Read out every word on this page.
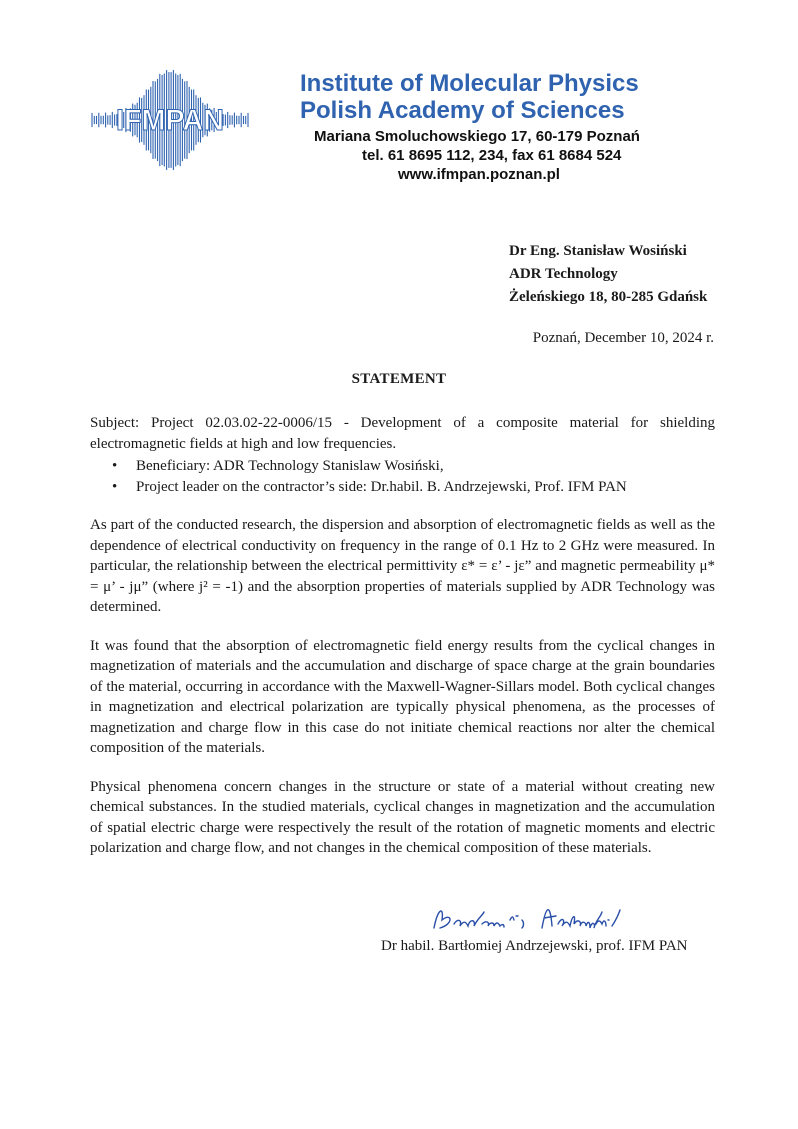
IFMPAN
Institute of Molecular Physics
Polish Academy of Sciences
Mariana Smoluchowskiego 17, 60-179 Poznań
tel. 61 8695 112, 234, fax 61 8684 524
www.ifmpan.poznan.pl
Dr Eng. Stanisław Wosiński
ADR Technology
Żeleńskiego 18, 80-285 Gdańsk
Poznań, December 10, 2024 r.
STATEMENT

Subject: Project 02.03.02-22-0006/15 - Development of a composite material for shielding electromagnetic fields at high and low frequencies.

• Beneficiary: ADR Technology Stanislaw Wosiński,
• Project leader on the contractor’s side: Dr.habil. B. Andrzejewski, Prof. IFM PAN

As part of the conducted research, the dispersion and absorption of electromagnetic fields as well as the dependence of electrical conductivity on frequency in the range of 0.1 Hz to 2 GHz were measured. In particular, the relationship between the electrical permittivity ε* = ε’ - jε” and magnetic permeability μ* = μ’ - jμ” (where j² = -1) and the absorption properties of materials supplied by ADR Technology was determined.

It was found that the absorption of electromagnetic field energy results from the cyclical changes in magnetization of materials and the accumulation and discharge of space charge at the grain boundaries of the material, occurring in accordance with the Maxwell-Wagner-Sillars model. Both cyclical changes in magnetization and electrical polarization are typically physical phenomena, as the processes of magnetization and charge flow in this case do not initiate chemical reactions nor alter the chemical composition of the materials.

Physical phenomena concern changes in the structure or state of a material without creating new chemical substances. In the studied materials, cyclical changes in magnetization and the accumulation of spatial electric charge were respectively the result of the rotation of magnetic moments and electric polarization and charge flow, and not changes in the chemical composition of these materials.

Dr habil. Bartłomiej Andrzejewski, prof. IFM PAN
